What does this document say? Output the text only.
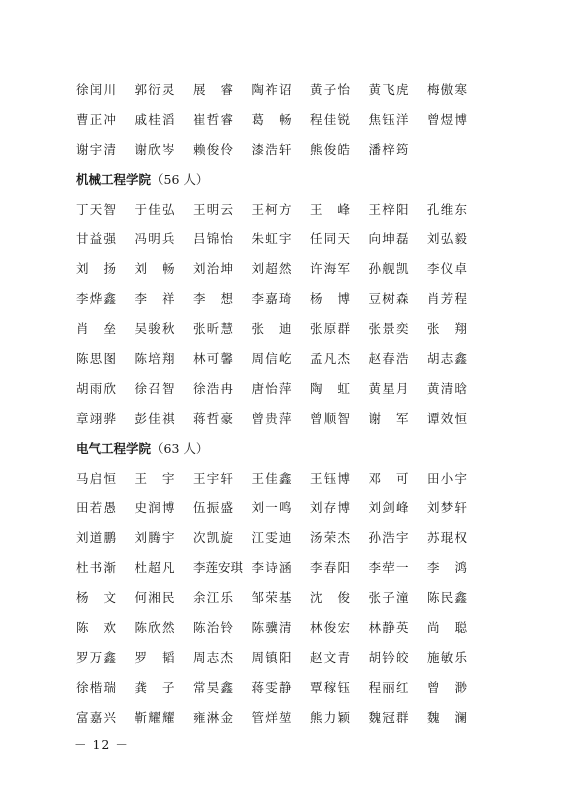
徐闰川 郭衍灵 展　睿 陶祚诏 黄子怡 黄飞虎 梅傲寒
曹正冲 戚桂滔 崔哲睿 葛　畅 程佳锐 焦钰洋 曾煜博
谢宇清 谢欣岑 赖俊伶 漆浩轩 熊俊皓 潘梓筠
机械工程学院 （56 人）
丁天智 于佳弘 王明云 王柯方 王　峰 王梓阳 孔维东
甘益强 冯明兵 吕锦怡 朱虹宇 任同天 向坤磊 刘弘毅
刘　扬 刘　畅 刘治坤 刘超然 许海军 孙舰凯 李仪卓
李烨鑫 李　祥 李　想 李嘉琦 杨　博 豆树森 肖芳程
肖　垒 吴骏秋 张昕慧 张　迪 张原群 张景奕 张　翔
陈思图 陈培翔 林可馨 周信屹 孟凡杰 赵春浩 胡志鑫
胡雨欣 徐召智 徐浩冉 唐怡萍 陶　虹 黄星月 黄清晗
章翊骅 彭佳祺 蒋哲豪 曾贵萍 曾顺智 谢　军 谭效恒
电气工程学院 （63 人）
马启恒 王　宇 王宇轩 王佳鑫 王钰博 邓　可 田小宇
田若愚 史润博 伍振盛 刘一鸣 刘存博 刘剑峰 刘梦轩
刘道鹏 刘腾宇 次凯旋 江雯迪 汤荣杰 孙浩宇 苏琨权
杜书渐 杜超凡 李莲安琪 李诗涵 李春阳 李荦一 李　鸿
杨　文 何湘民 余江乐 邹荣基 沈　俊 张子潼 陈民鑫
陈　欢 陈欣然 陈治铃 陈骥清 林俊宏 林静英 尚　聪
罗万鑫 罗　韬 周志杰 周镇阳 赵文青 胡钤皎 施敏乐
徐楷瑞 龚　子 常昊鑫 蒋雯静 覃稼钰 程丽红 曾　渺
富嘉兴 靳耀耀 雍淋金 管烊堃 熊力颖 魏冠群 魏　澜
－ 12 －
